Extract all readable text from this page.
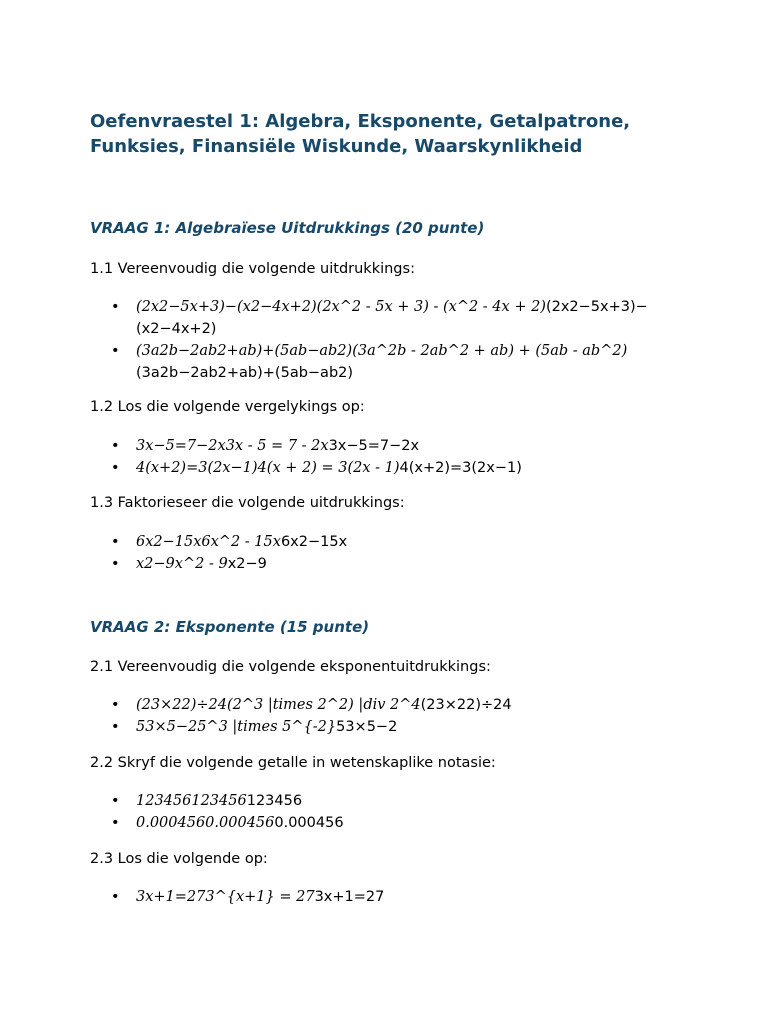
Oefenvraestel 1: Algebra, Eksponente, Getalpatrone,
Funksies, Finansiële Wiskunde, Waarskynlikheid
VRAAG 1: Algebraïese Uitdrukkings (20 punte)

1.1 Vereenvoudig die volgende uitdrukkings:

• (2x2−5x+3)−(x2−4x+2)(2x^2 - 5x + 3) - (x^2 - 4x + 2)(2x2−5x+3)−
(x2−4x+2)
• (3a2b−2ab2+ab)+(5ab−ab2)(3a^2b - 2ab^2 + ab) + (5ab - ab^2)
(3a2b−2ab2+ab)+(5ab−ab2)

1.2 Los die volgende vergelykings op:

• 3x−5=7−2x3x - 5 = 7 - 2x3x−5=7−2x
• 4(x+2)=3(2x−1)4(x + 2) = 3(2x - 1)4(x+2)=3(2x−1)

1.3 Faktorieseer die volgende uitdrukkings:

• 6x2−15x6x^2 - 15x6x2−15x
• x2−9x^2 - 9x2−9
VRAAG 2: Eksponente (15 punte)

2.1 Vereenvoudig die volgende eksponentuitdrukkings:

• (23×22)÷24(2^3 |times 2^2) |div 2^4(23×22)÷24
• 53×5−25^3 |times 5^{-2}53×5−2

2.2 Skryf die volgende getalle in wetenskaplike notasie:

• 123456123456123456
• 0.0004560.0004560.000456

2.3 Los die volgende op:

• 3x+1=273^{x+1} = 273x+1=27
